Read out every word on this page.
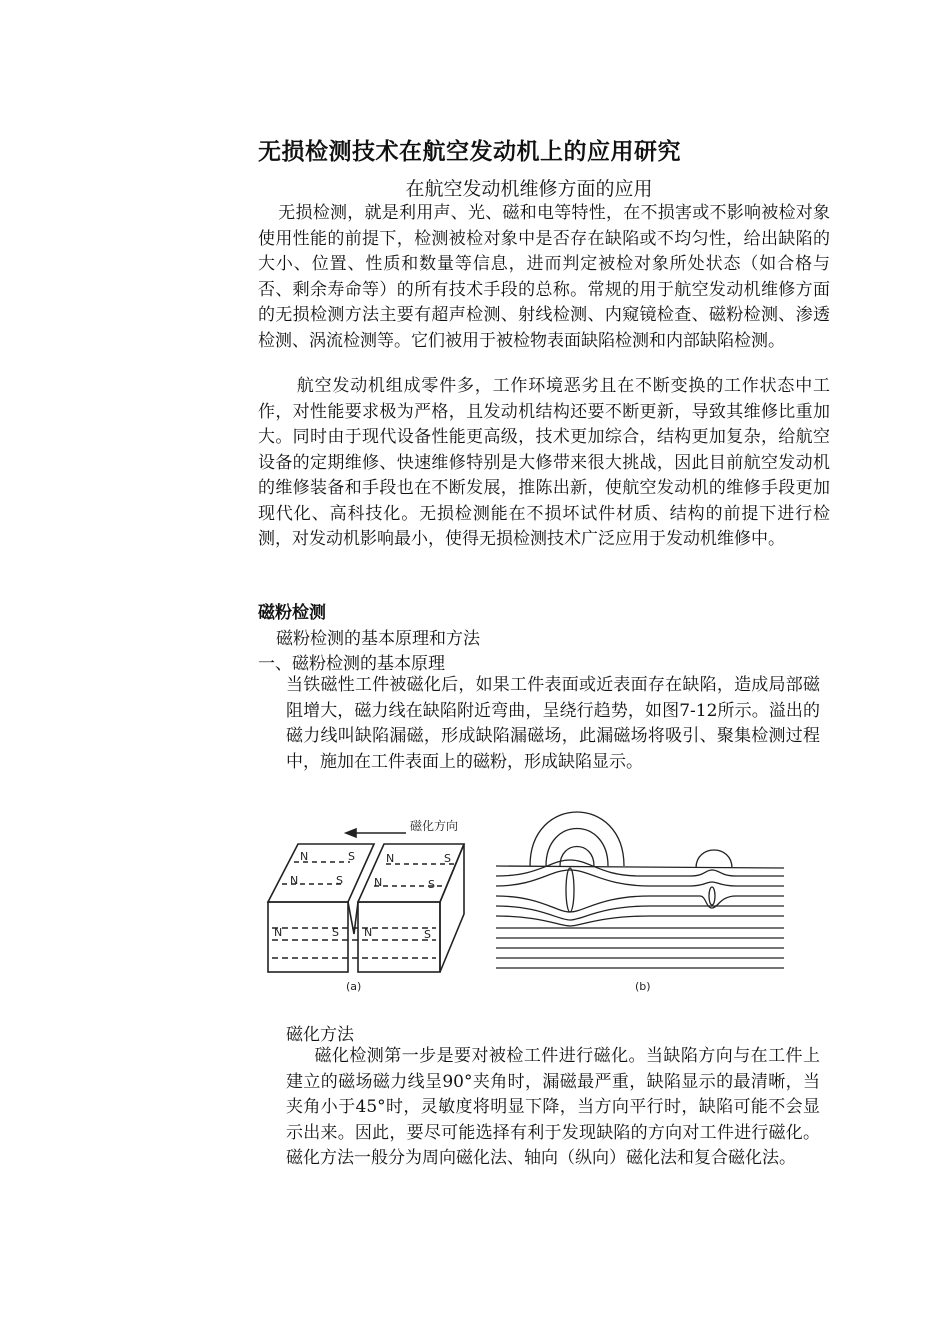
无损检测技术在航空发动机上的应用研究
在航空发动机维修方面的应用
无损检测，就是利用声、光、磁和电等特性，在不损害或不影响被检对象使用性能的前提下，检测被检对象中是否存在缺陷或不均匀性，给出缺陷的大小、位置、性质和数量等信息，进而判定被检对象所处状态（如合格与否、剩余寿命等）的所有技术手段的总称。常规的用于航空发动机维修方面的无损检测方法主要有超声检测、射线检测、内窥镜检查、磁粉检测、渗透检测、涡流检测等。它们被用于被检物表面缺陷检测和内部缺陷检测。
航空发动机组成零件多，工作环境恶劣且在不断变换的工作状态中工作，对性能要求极为严格，且发动机结构还要不断更新，导致其维修比重加大。同时由于现代设备性能更高级，技术更加综合，结构更加复杂，给航空设备的定期维修、快速维修特别是大修带来很大挑战，因此目前航空发动机的维修装备和手段也在不断发展，推陈出新，使航空发动机的维修手段更加现代化、高科技化。无损检测能在不损坏试件材质、结构的前提下进行检测，对发动机影响最小，使得无损检测技术广泛应用于发动机维修中。
磁粉检测
磁粉检测的基本原理和方法
一、磁粉检测的基本原理
当铁磁性工件被磁化后，如果工件表面或近表面存在缺陷，造成局部磁阻增大，磁力线在缺陷附近弯曲，呈绕行趋势，如图7-12所示。溢出的磁力线叫缺陷漏磁，形成缺陷漏磁场，此漏磁场将吸引、聚集检测过程中，施加在工件表面上的磁粉，形成缺陷显示。
磁化方向
N	S
N	S
N	S
N	S
N	S N	S
(a)	(b)
磁化方法
磁化检测第一步是要对被检工件进行磁化。当缺陷方向与在工件上建立的磁场磁力线呈90°夹角时，漏磁最严重，缺陷显示的最清晰，当夹角小于45°时，灵敏度将明显下降，当方向平行时，缺陷可能不会显示出来。因此，要尽可能选择有利于发现缺陷的方向对工件进行磁化。磁化方法一般分为周向磁化法、轴向（纵向）磁化法和复合磁化法。
